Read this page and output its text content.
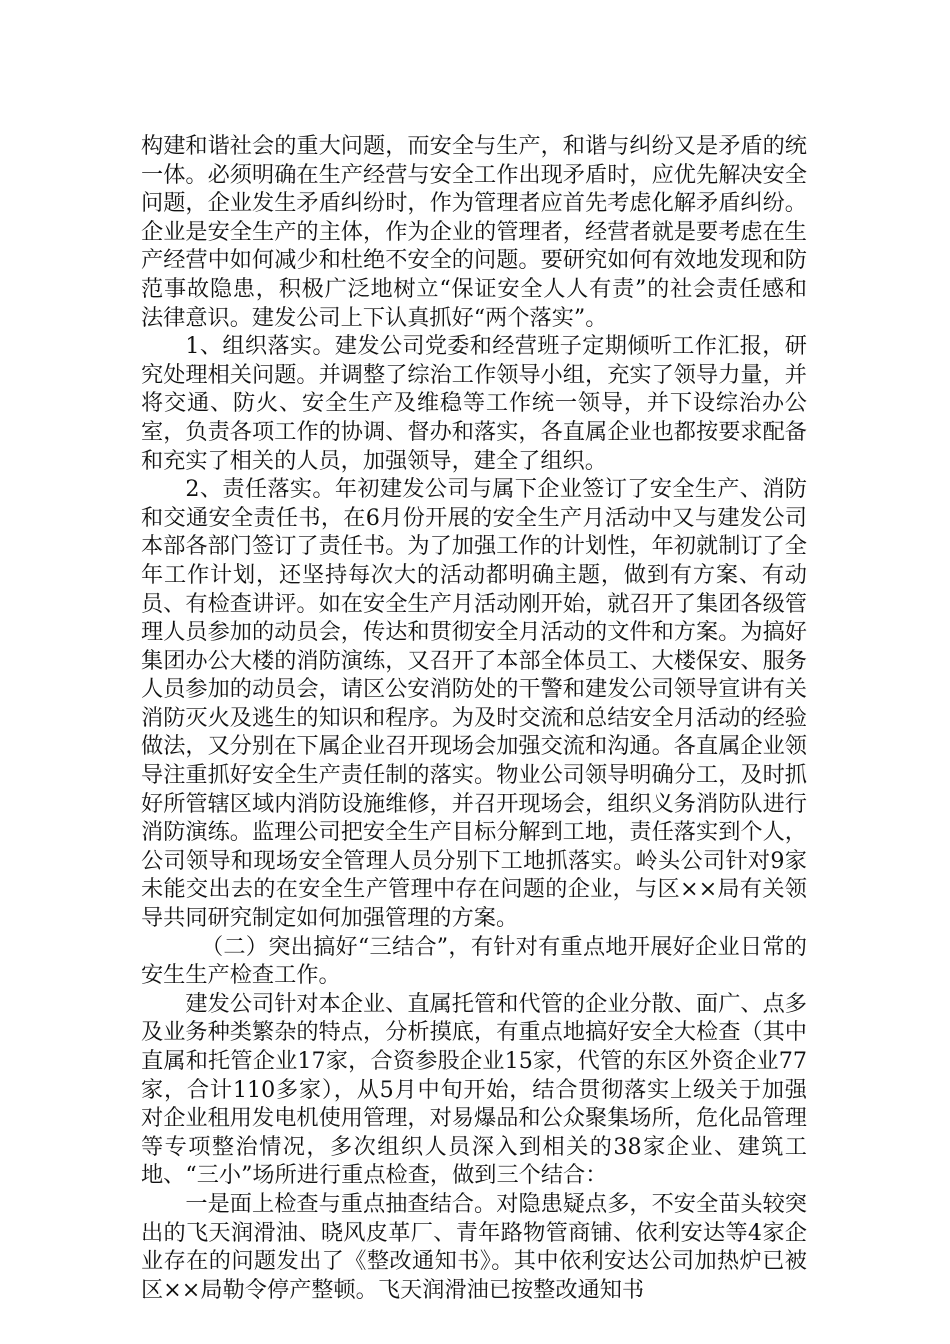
构建和谐社会的重大问题，而安全与生产，和谐与纠纷又是矛盾的统一体。必须明确在生产经营与安全工作出现矛盾时，应优先解决安全问题，企业发生矛盾纠纷时，作为管理者应首先考虑化解矛盾纠纷。企业是安全生产的主体，作为企业的管理者，经营者就是要考虑在生产经营中如何减少和杜绝不安全的问题。要研究如何有效地发现和防范事故隐患，积极广泛地树立“保证安全人人有责”的社会责任感和法律意识。建发公司上下认真抓好“两个落实”。

1、组织落实。建发公司党委和经营班子定期倾听工作汇报，研究处理相关问题。并调整了综治工作领导小组，充实了领导力量，并将交通、防火、安全生产及维稳等工作统一领导，并下设综治办公室，负责各项工作的协调、督办和落实，各直属企业也都按要求配备和充实了相关的人员，加强领导，建全了组织。

2、责任落实。年初建发公司与属下企业签订了安全生产、消防和交通安全责任书，在6月份开展的安全生产月活动中又与建发公司本部各部门签订了责任书。为了加强工作的计划性，年初就制订了全年工作计划，还坚持每次大的活动都明确主题，做到有方案、有动员、有检查讲评。如在安全生产月活动刚开始，就召开了集团各级管理人员参加的动员会，传达和贯彻安全月活动的文件和方案。为搞好集团办公大楼的消防演练，又召开了本部全体员工、大楼保安、服务人员参加的动员会，请区公安消防处的干警和建发公司领导宣讲有关消防灭火及逃生的知识和程序。为及时交流和总结安全月活动的经验做法，又分别在下属企业召开现场会加强交流和沟通。各直属企业领导注重抓好安全生产责任制的落实。物业公司领导明确分工，及时抓好所管辖区域内消防设施维修，并召开现场会，组织义务消防队进行消防演练。监理公司把安全生产目标分解到工地，责任落实到个人，公司领导和现场安全管理人员分别下工地抓落实。岭头公司针对9家未能交出去的在安全生产管理中存在问题的企业，与区××局有关领导共同研究制定如何加强管理的方案。

（二）突出搞好“三结合”，有针对有重点地开展好企业日常的安生生产检查工作。

建发公司针对本企业、直属托管和代管的企业分散、面广、点多及业务种类繁杂的特点，分析摸底，有重点地搞好安全大检查（其中直属和托管企业17家，合资参股企业15家，代管的东区外资企业77家，合计110多家），从5月中旬开始，结合贯彻落实上级关于加强对企业租用发电机使用管理，对易爆品和公众聚集场所，危化品管理等专项整治情况，多次组织人员深入到相关的38家企业、建筑工地、“三小”场所进行重点检查，做到三个结合：

一是面上检查与重点抽查结合。对隐患疑点多，不安全苗头较突出的飞天润滑油、晓风皮革厂、青年路物管商铺、依利安达等4家企业存在的问题发出了《整改通知书》。其中依利安达公司加热炉已被区××局勒令停产整顿。飞天润滑油已按整改通知书
